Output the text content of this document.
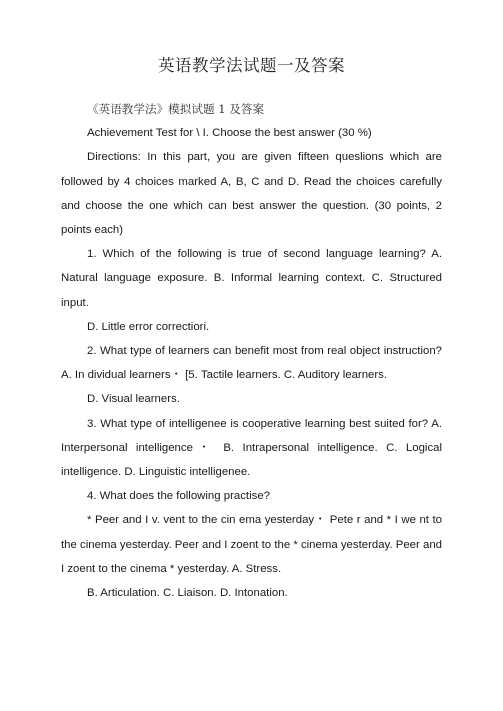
英语教学法试题一及答案

《英语教学法》模拟试题 1 及答案

Achievement Test for \ I. Choose the best answer (30 %)

Directions: In this part, you are given fifteen queslions which are followed by 4 choices marked A, B, C and D. Read the choices carefully and choose the one which can best answer the question. (30 points, 2 points each)

1. Which of the following is true of second language learning? A. Natural language exposure. B. Informal learning context. C. Structured input.

D. Little error correctiori.

2. What type of learners can benefit most from real object instruction? A. In dividual learners・ [5. Tactile learners. C. Auditory learners.

D. Visual learners.

3. What type of intelligenee is cooperative learning best suited for? A. Interpersonal intelligence・ B. Intrapersonal intelligence. C. Logical intelligence. D. Linguistic intelligenee.

4. What does the following practise?

* Peer and I v. vent to the cin ema yesterday・ Pete r and * I we nt to the cinema yesterday. Peer and I zoent to the * cinema yesterday. Peer and I zoent to the cinema * yesterday. A. Stress.

B. Articulation. C. Liaison. D. Intonation.
